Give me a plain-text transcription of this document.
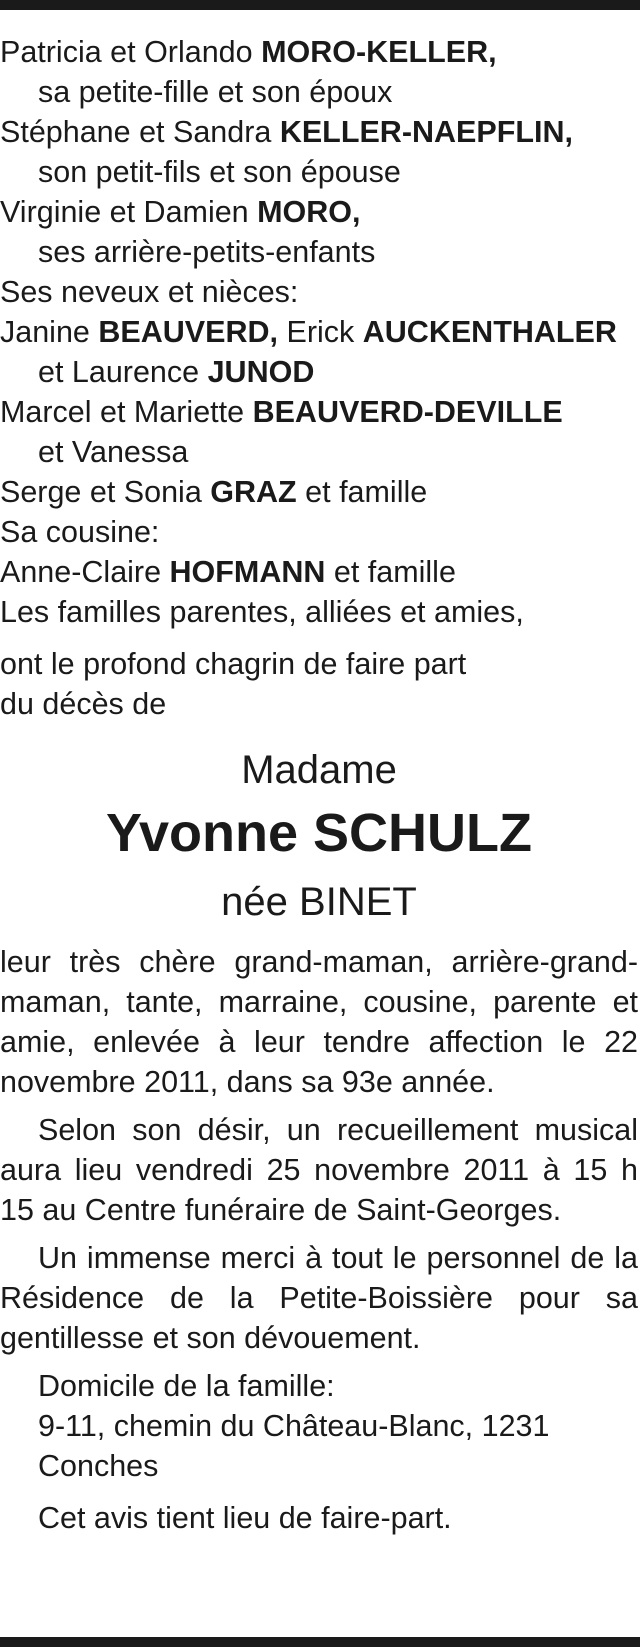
Patricia et Orlando MORO-KELLER,
sa petite-fille et son époux
Stéphane et Sandra KELLER-NAEPFLIN,
son petit-fils et son épouse
Virginie et Damien MORO,
ses arrière-petits-enfants
Ses neveux et nièces:
Janine BEAUVERD, Erick AUCKENTHALER
et Laurence JUNOD
Marcel et Mariette BEAUVERD-DEVILLE
et Vanessa
Serge et Sonia GRAZ et famille
Sa cousine:
Anne-Claire HOFMANN et famille
Les familles parentes, alliées et amies,
ont le profond chagrin de faire part
du décès de
Madame
Yvonne SCHULZ
née BINET
leur très chère grand-maman, arrière-grand-maman, tante, marraine, cousine, parente et amie, enlevée à leur tendre affection le 22 novembre 2011, dans sa 93e année.
Selon son désir, un recueillement musical aura lieu vendredi 25 novembre 2011 à 15 h 15 au Centre funéraire de Saint-Georges.
Un immense merci à tout le personnel de la Résidence de la Petite-Boissière pour sa gentillesse et son dévouement.
Domicile de la famille:
9-11, chemin du Château-Blanc, 1231
Conches
Cet avis tient lieu de faire-part.
